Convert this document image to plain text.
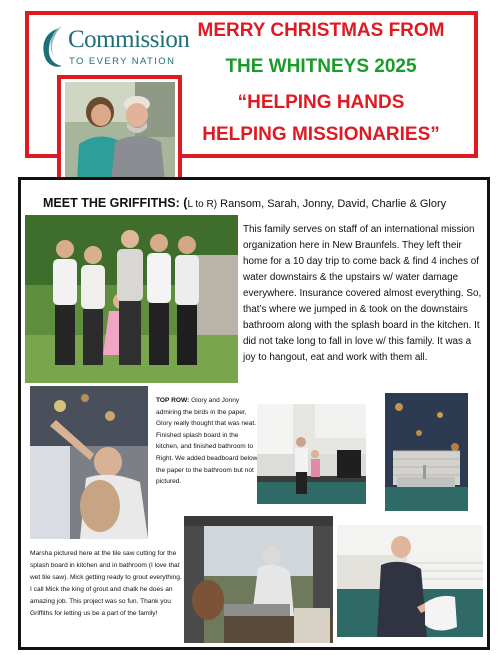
Commission
TO EVERY NATION
MERRY CHRISTMAS FROM
THE WHITNEYS 2025
“HELPING HANDS
HELPING MISSIONARIES”
MEET THE GRIFFITHS: (L to R) Ransom, Sarah, Jonny, David, Charlie & Glory
This family serves on staff of an international mission organization here in New Braunfels. They left their home for a 10 day trip to come back & find 4 inches of water downstairs & the upstairs w/ water damage everywhere. Insurance covered almost everything. So, that’s where we jumped in & took on the downstairs bathroom along with the splash board in the kitchen. It did not take long to fall in love w/ this family. It was a joy to hangout, eat and work with them all.
TOP ROW: Glory and Jonny admiring the birds in the paper, Glory really thought that was neat. Finished splash board in the kitchen, and finished bathroom to Right. We added beadboard below the paper to the bathroom but not pictured.
Marsha pictured here at the tile saw cutting for the splash board in kitchen and in bathroom (I love that wet tile saw). Mick getting ready to grout everything. I call Mick the king of grout and chalk he does an amazing job. This project was so fun. Thank you Griffiths for letting us be a part of the family!
